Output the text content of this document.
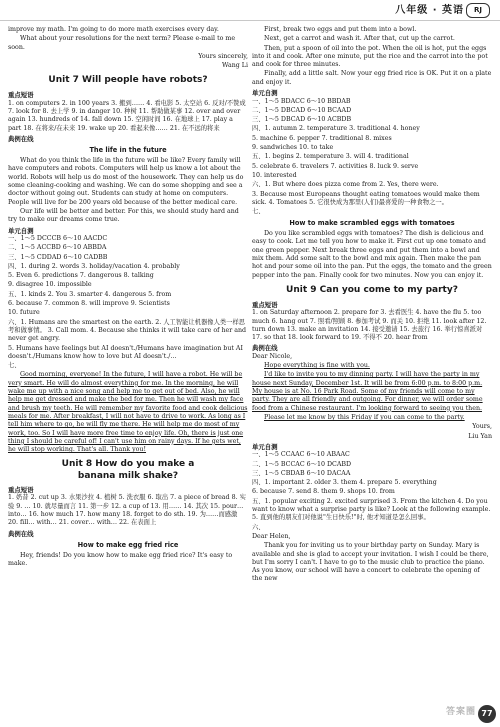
八年级 · 英语	RJ

improve my math. I'm going to do more math exercises every day.

What about your resolutions for the next term? Please e-mail to me soon.

Yours sincerely,

Wang Li

Unit 7 Will people have robots?
重点短语

1. on computers 2. in 100 years 3. 搬到…… 4. 看电影 5. 太空站 6. 反对/不赞成 7. look for 8. 去上学 9. in danger 10. 种树 11. 帮助做某事 12. over and over again 13. hundreds of 14. fall down 15. 空闲时间 16. 在地球上 17. play a part 18. 在将来/在未来 19. wake up 20. 看起来像…… 21. 在不远的将来

典例在线
The life in the future

What do you think the life in the future will be like? Every family will have computers and robots. Computers will help us know a lot about the world. Robots will help us do most of the housework. They can help us do some cleaning-cooking and washing. We can do some shopping and see a doctor without going out. Students can study at home on computers. People will live for be 200 years old because of the better medical care.

Our life will be better and better. For this, we should study hard and try to make our dreams come true.

单元自测

一、1～5 DCCCB 6～10 AACDC

二、1～5 ACCBD 6～10 ABBDA

三、1～5 CDDAD 6～10 CADBB

四、1. during 2. words 3. holiday/vacation 4. probably

5. Even 6. predictions 7. dangerous 8. talking

9. disagree 10. impossible

五、1. kinds 2. You 3. smarter 4. dangerous 5. from

6. because 7. common 8. will improve 9. Scientists

10. future

六、1. Humans are the smartest on the earth. 2. 人工智能让机器像人类一样思考和做事情。 3. Call mom. 4. Because she thinks it will take care of her and never get angry.

5. Humans have feelings but AI doesn't./Humans have imagination but AI doesn't./Humans know how to love but AI doesn't./…

七、

Good morning, everyone! In the future, I will have a robot. He will be very smart. He will do almost everything for me. In the morning, he will wake me up with a nice song and help me to get out of bed. Also, he will help me get dressed and make the bed for me. Then he will wash my face and brush my teeth. He will remember my favorite food and cook delicious meals for me. After breakfast, I will not have to drive to work. As long as I tell him where to go, he will fly me there. He will help me do most of my work, too. So I will have more free time to enjoy life. Oh, there is just one thing I should be careful of! I can't use him on rainy days. If he gets wet, he will stop working. That's all. Thank you!

Unit 8 How do you make a
banana milk shake?
重点短语

1. 奶昔 2. cut up 3. 水果沙拉 4. 植树 5. 洗衣服 6. 取出 7. a piece of bread 8. 实验 9. … 10. 就尽量而言 11. 第一步 12. a cup of 13. 用…… 14. 其次 15. pour… into… 16. how much 17. how many 18. forget to do sth. 19. 为……而感激 20. fill… with… 21. cover… with… 22. 在表面上

典例在线
How to make egg fried rice

Hey, friends! Do you know how to make egg fried rice? It's easy to make.

First, break two eggs and put them into a bowl.

Next, get a carrot and wash it. After that, cut up the carrot.

Then, put a spoon of oil into the pot. When the oil is hot, put the eggs into it and cook. After one minute, put the rice and the carrot into the pot and cook for three minutes.

Finally, add a little salt. Now your egg fried rice is OK. Put it on a plate and enjoy it.

单元自测

一、1～5 BDACC 6～10 BBDAB

二、1～5 DBCAD 6～10 BCAAD

三、1～5 DBCAD 6～10 ACBDB

四、1. autumn 2. temperature 3. traditional 4. honey

5. machine 6. pepper 7. traditional 8. mixes

9. sandwiches 10. to take

五、1. begins 2. temperature 3. will 4. traditional

5. celebrate 6. travelers 7. activities 8. luck 9. serve

10. interested

六、1. But where does pizza come from 2. Yes, there were.

3. Because most Europeans thought eating tomatoes would make them sick. 4. Tomatoes 5. 它很快成为那里(人们)最喜爱的一种食物之一。

七、

How to make scrambled eggs with tomatoes

Do you like scrambled eggs with tomatoes? The dish is delicious and easy to cook. Let me tell you how to make it. First cut up one tomato and one green pepper. Next break three eggs and put them into a bowl and mix them. Add some salt to the bowl and mix again. Then make the pan hot and pour some oil into the pan. Put the eggs, the tomato and the green pepper into the pan. Finally cook for two minutes. Now you can enjoy it.

Unit 9 Can you come to my party?
重点短语

1. on Saturday afternoon 2. prepare for 3. 去看医生 4. have the flu 5. too much 6. hang out 7. 照看/照顾 8. 参加考试 9. 而关 10. 拒绝 11. look after 12. turn down 13. make an invitation 14. 接受邀请 15. 去旅行 16. 举行惊喜派对 17. so that 18. look forward to 19. 不得不 20. hear from

典例在线

Dear Nicole,

Hope everything is fine with you.

I'd like to invite you to my dinning party. I will have the party in my house next Sunday, December 1st. It will be from 6:00 p.m. to 8:00 p.m. My house is at No. 16 Park Road. Some of my friends will come to my party. They are all friendly and outgoing. For dinner, we will order some food from a Chinese restaurant. I'm looking forward to seeing you then.

Please let me know by this Friday if you can come to the party.

Yours,

Liu Yan

单元自测

一、1～5 CCAAC 6～10 ABAAC

二、1～5 BCCAC 6～10 DCABD

三、1～5 CBDAB 6～10 DACAA

四、1. important 2. older 3. them 4. prepare 5. everything

6. because 7. send 8. them 9. shops 10. from

五、1. popular exciting 2. excited surprised 3. From the kitchen 4. Do you want to know what a surprise party is like? Look at the following example. 5. 直到他的朋友们对他说"生日快乐!"时, 他才知道是怎么回事。

六、

Dear Helen,

Thank you for inviting us to your birthday party on Sunday. Mary is available and she is glad to accept your invitation. I wish I could be there, but I'm sorry I can't. I have to go to the music club to practice the piano. As you know, our school will have a concert to celebrate the opening of the new

答案圈 77
